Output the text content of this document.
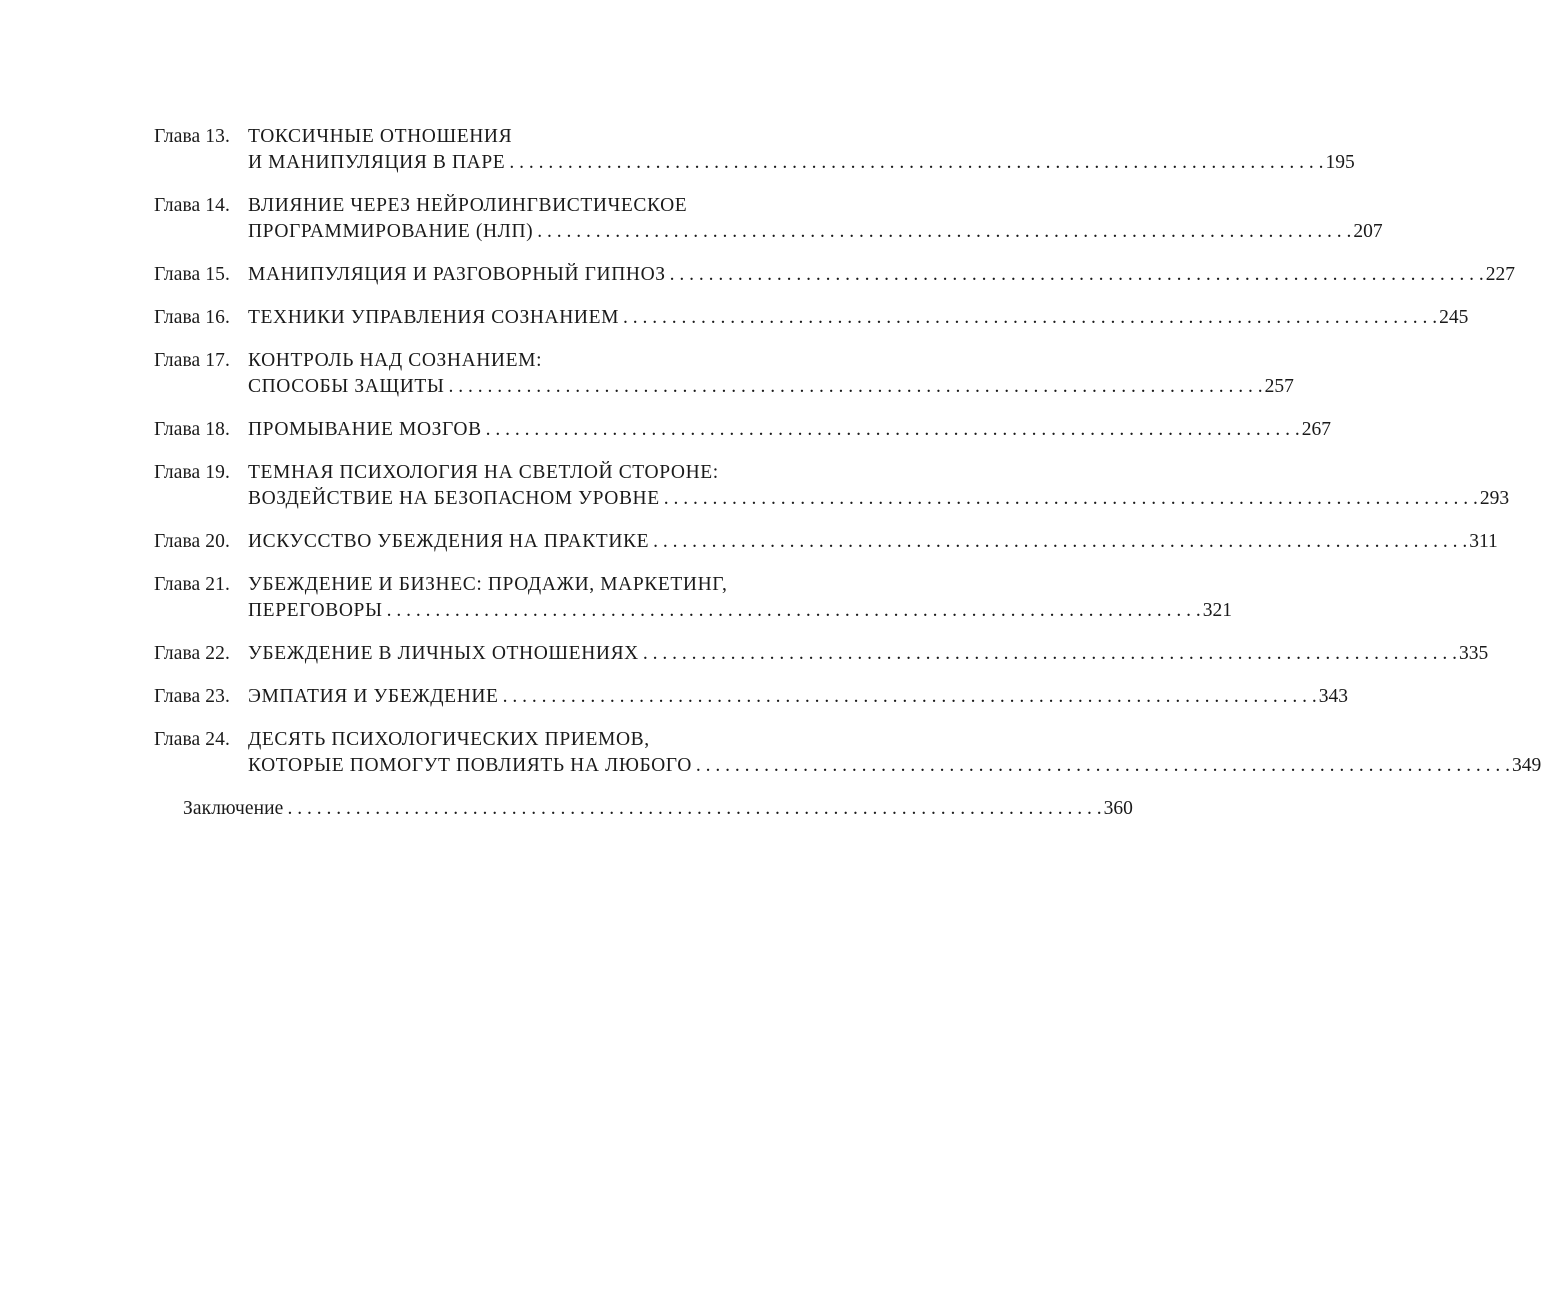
Глава 13. ТОКСИЧНЫЕ ОТНОШЕНИЯ
И МАНИПУЛЯЦИЯ В ПАРЕ . . .	195
Глава 14. ВЛИЯНИЕ ЧЕРЕЗ НЕЙРОЛИНГВИСТИЧЕСКОЕ
ПРОГРАММИРОВАНИЕ (НЛП) . . .	207
Глава 15. МАНИПУЛЯЦИЯ И РАЗГОВОРНЫЙ ГИПНОЗ . . .	227
Глава 16. ТЕХНИКИ УПРАВЛЕНИЯ СОЗНАНИЕМ . . .	245
Глава 17. КОНТРОЛЬ НАД СОЗНАНИЕМ:
СПОСОБЫ ЗАЩИТЫ . . .	257
Глава 18. ПРОМЫВАНИЕ МОЗГОВ . . .	267
Глава 19. ТЕМНАЯ ПСИХОЛОГИЯ НА СВЕТЛОЙ СТОРОНЕ:
ВОЗДЕЙСТВИЕ НА БЕЗОПАСНОМ УРОВНЕ . . .	293
Глава 20. ИСКУССТВО УБЕЖДЕНИЯ НА ПРАКТИКЕ . . .	311
Глава 21. УБЕЖДЕНИЕ И БИЗНЕС: ПРОДАЖИ, МАРКЕТИНГ,
ПЕРЕГОВОРЫ . . .	321
Глава 22. УБЕЖДЕНИЕ В ЛИЧНЫХ ОТНОШЕНИЯХ . . .	335
Глава 23. ЭМПАТИЯ И УБЕЖДЕНИЕ . . .	343
Глава 24. ДЕСЯТЬ ПСИХОЛОГИЧЕСКИХ ПРИЕМОВ,
КОТОРЫЕ ПОМОГУТ ПОВЛИЯТЬ НА ЛЮБОГО . . .	349
Заключение . . .	360
